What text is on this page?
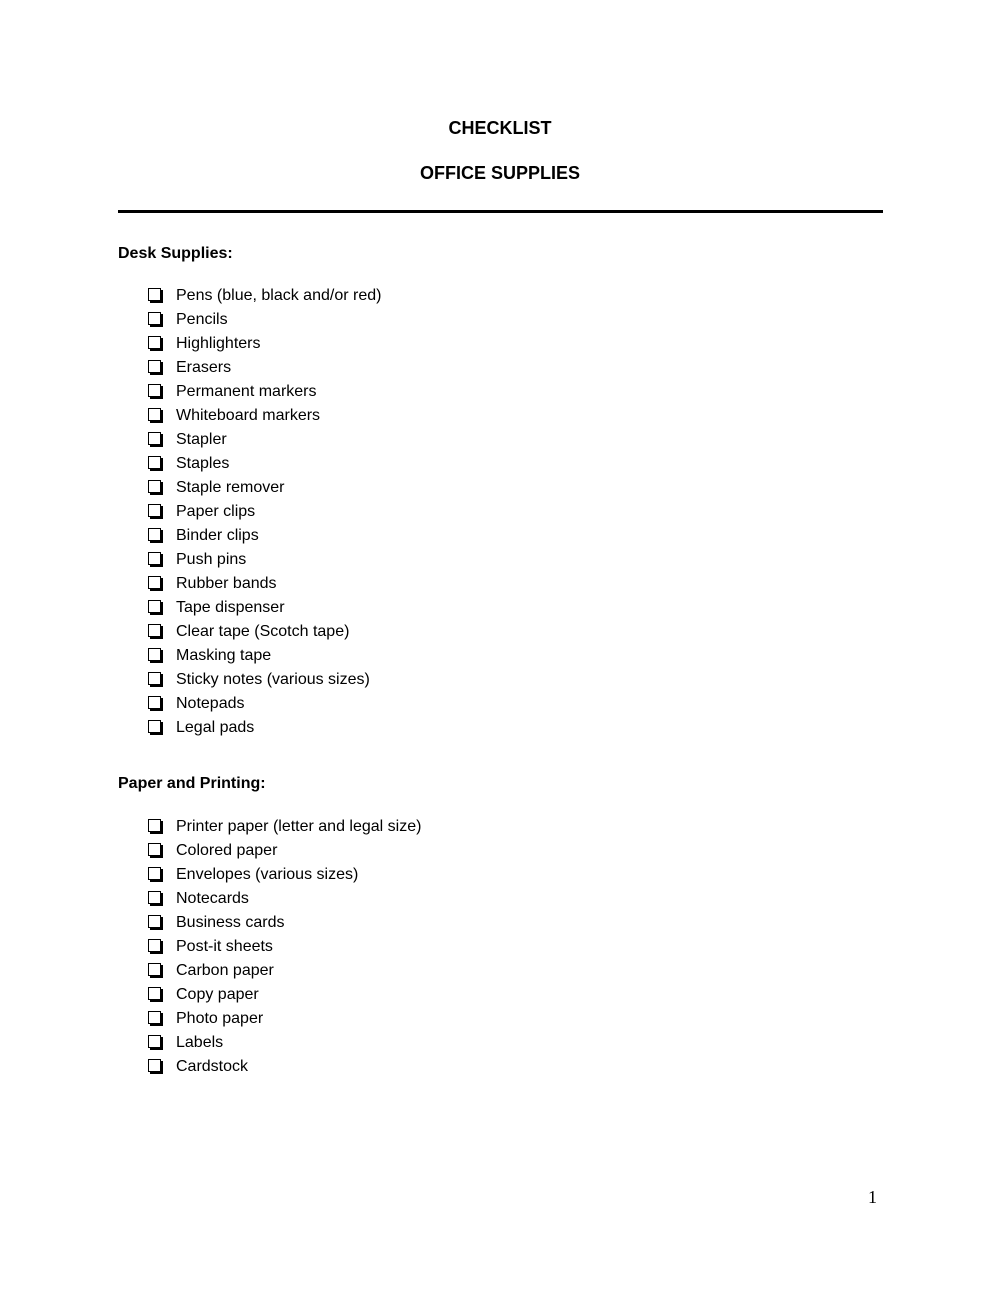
CHECKLIST
OFFICE SUPPLIES
Desk Supplies:
Pens (blue, black and/or red)
Pencils
Highlighters
Erasers
Permanent markers
Whiteboard markers
Stapler
Staples
Staple remover
Paper clips
Binder clips
Push pins
Rubber bands
Tape dispenser
Clear tape (Scotch tape)
Masking tape
Sticky notes (various sizes)
Notepads
Legal pads
Paper and Printing:
Printer paper (letter and legal size)
Colored paper
Envelopes (various sizes)
Notecards
Business cards
Post-it sheets
Carbon paper
Copy paper
Photo paper
Labels
Cardstock
1
